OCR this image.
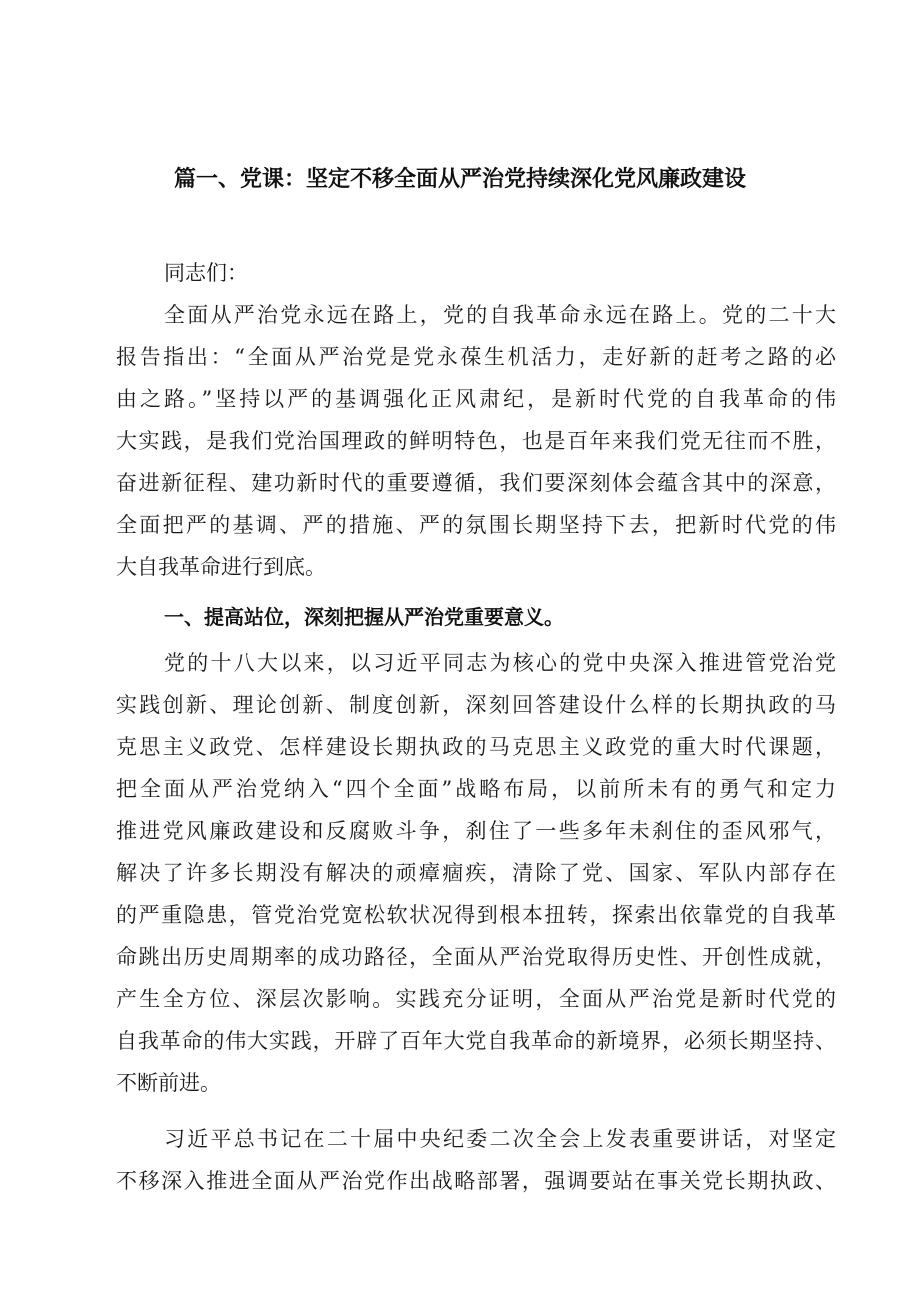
篇一、党课：坚定不移全面从严治党持续深化党风廉政建设
同志们：
全面从严治党永远在路上，党的自我革命永远在路上。党的二十大
报告指出：“全面从严治党是党永葆生机活力，走好新的赶考之路的必
由之路。”坚持以严的基调强化正风肃纪，是新时代党的自我革命的伟
大实践，是我们党治国理政的鲜明特色，也是百年来我们党无往而不胜，
奋进新征程、建功新时代的重要遵循，我们要深刻体会蕴含其中的深意，
全面把严的基调、严的措施、严的氛围长期坚持下去，把新时代党的伟
大自我革命进行到底。
一、提高站位，深刻把握从严治党重要意义。
党的十八大以来，以习近平同志为核心的党中央深入推进管党治党
实践创新、理论创新、制度创新，深刻回答建设什么样的长期执政的马
克思主义政党、怎样建设长期执政的马克思主义政党的重大时代课题，
把全面从严治党纳入“四个全面”战略布局，以前所未有的勇气和定力
推进党风廉政建设和反腐败斗争，刹住了一些多年未刹住的歪风邪气，
解决了许多长期没有解决的顽瘴痼疾，清除了党、国家、军队内部存在
的严重隐患，管党治党宽松软状况得到根本扭转，探索出依靠党的自我革
命跳出历史周期率的成功路径，全面从严治党取得历史性、开创性成就，
产生全方位、深层次影响。实践充分证明，全面从严治党是新时代党的
自我革命的伟大实践，开辟了百年大党自我革命的新境界，必须长期坚持、
不断前进。
习近平总书记在二十届中央纪委二次全会上发表重要讲话，对坚定
不移深入推进全面从严治党作出战略部署，强调要站在事关党长期执政、
